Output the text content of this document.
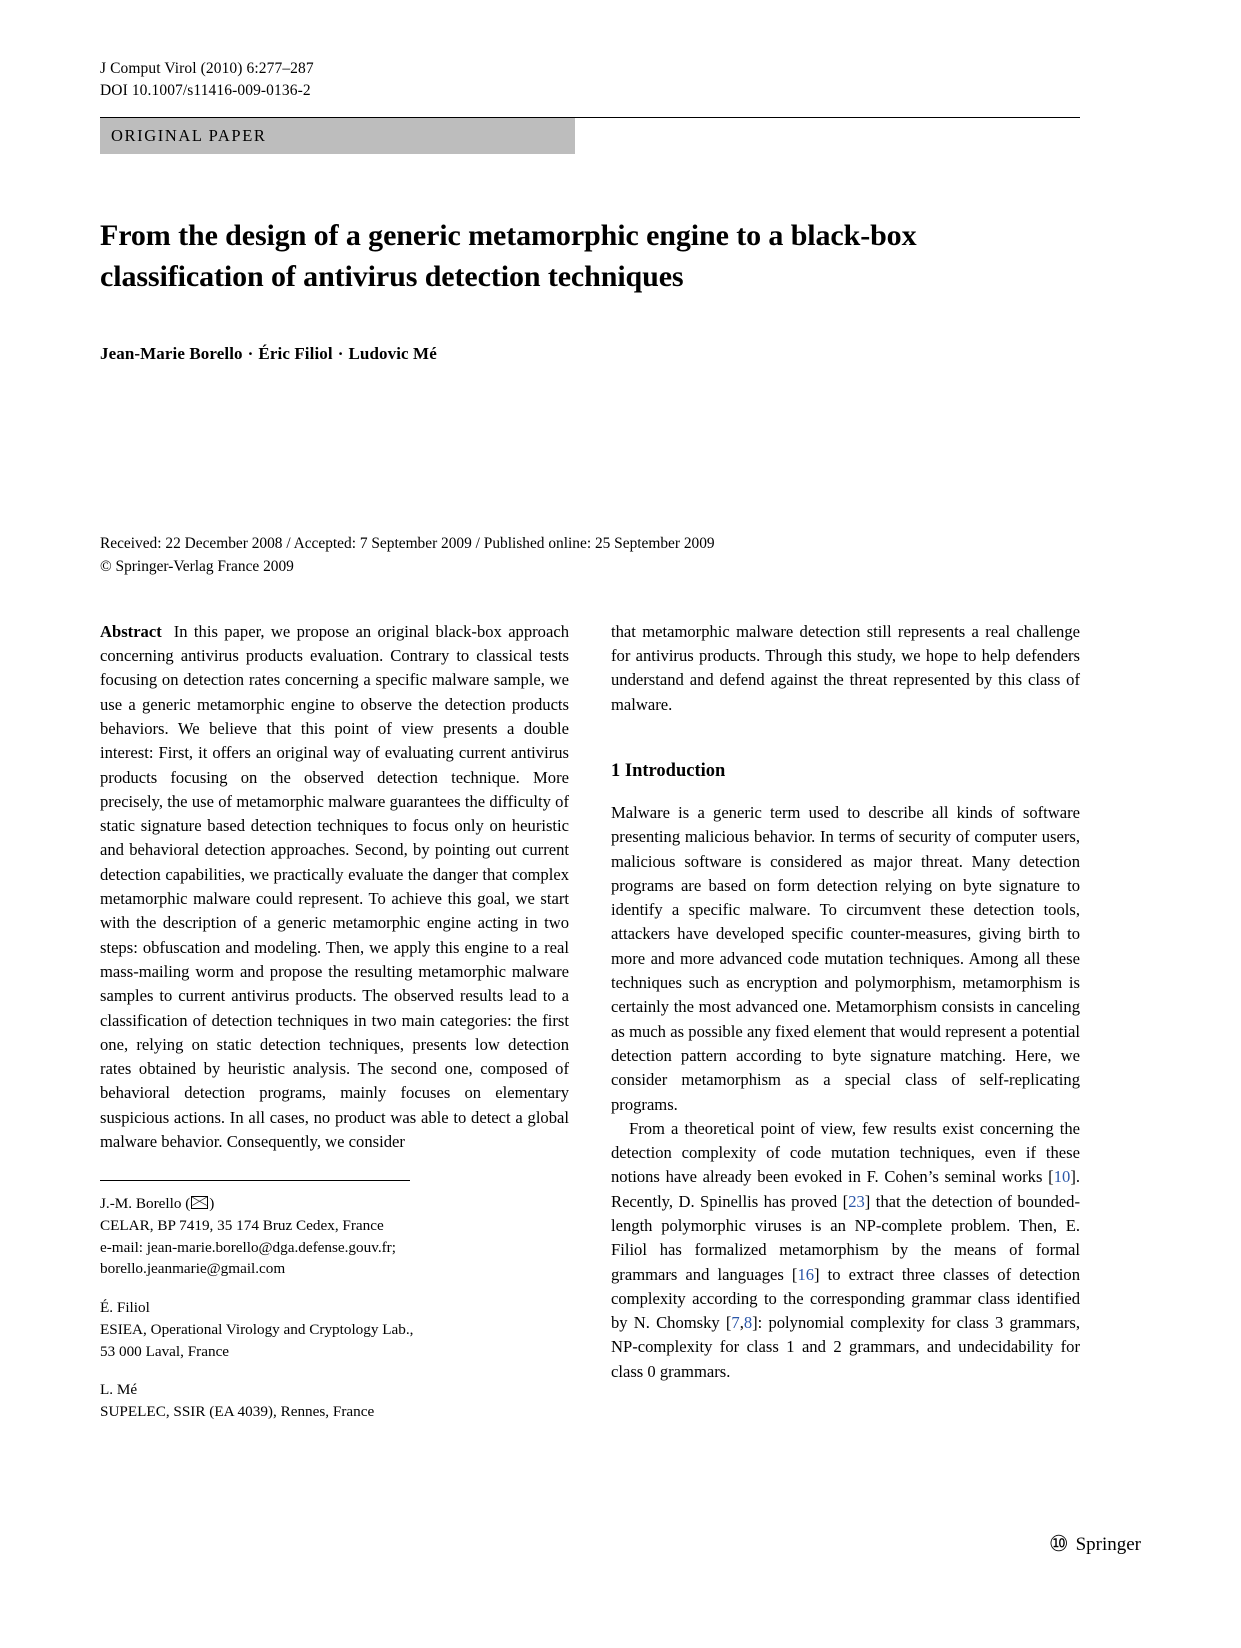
J Comput Virol (2010) 6:277–287
DOI 10.1007/s11416-009-0136-2
ORIGINAL PAPER
From the design of a generic metamorphic engine to a black-box classification of antivirus detection techniques
Jean-Marie Borello · Éric Filiol · Ludovic Mé
Received: 22 December 2008 / Accepted: 7 September 2009 / Published online: 25 September 2009
© Springer-Verlag France 2009

Abstract In this paper, we propose an original black-box approach concerning antivirus products evaluation. Contrary to classical tests focusing on detection rates concerning a specific malware sample, we use a generic metamorphic engine to observe the detection products behaviors. We believe that this point of view presents a double interest: First, it offers an original way of evaluating current antivirus products focusing on the observed detection technique. More precisely, the use of metamorphic malware guarantees the difficulty of static signature based detection techniques to focus only on heuristic and behavioral detection approaches. Second, by pointing out current detection capabilities, we practically evaluate the danger that complex metamorphic malware could represent. To achieve this goal, we start with the description of a generic metamorphic engine acting in two steps: obfuscation and modeling. Then, we apply this engine to a real mass-mailing worm and propose the resulting metamorphic malware samples to current antivirus products. The observed results lead to a classification of detection techniques in two main categories: the first one, relying on static detection techniques, presents low detection rates obtained by heuristic analysis. The second one, composed of behavioral detection programs, mainly focuses on elementary suspicious actions. In all cases, no product was able to detect a global malware behavior. Consequently, we consider

J.-M. Borello ( )
CELAR, BP 7419, 35 174 Bruz Cedex, France
e-mail: jean-marie.borello@dga.defense.gouv.fr;
borello.jeanmarie@gmail.com
É. Filiol
ESIEA, Operational Virology and Cryptology Lab.,
53 000 Laval, France
L. Mé
SUPELEC, SSIR (EA 4039), Rennes, France

that metamorphic malware detection still represents a real challenge for antivirus products. Through this study, we hope to help defenders understand and defend against the threat represented by this class of malware.

1 Introduction

Malware is a generic term used to describe all kinds of software presenting malicious behavior. In terms of security of computer users, malicious software is considered as major threat. Many detection programs are based on form detection relying on byte signature to identify a specific malware. To circumvent these detection tools, attackers have developed specific counter-measures, giving birth to more and more advanced code mutation techniques. Among all these techniques such as encryption and polymorphism, metamorphism is certainly the most advanced one. Metamorphism consists in canceling as much as possible any fixed element that would represent a potential detection pattern according to byte signature matching. Here, we consider metamorphism as a special class of self-replicating programs.

From a theoretical point of view, few results exist concerning the detection complexity of code mutation techniques, even if these notions have already been evoked in F. Cohen’s seminal works [10]. Recently, D. Spinellis has proved [23] that the detection of bounded-length polymorphic viruses is an NP-complete problem. Then, E. Filiol has formalized metamorphism by the means of formal grammars and languages [16] to extract three classes of detection complexity according to the corresponding grammar class identified by N. Chomsky [7,8]: polynomial complexity for class 3 grammars, NP-complexity for class 1 and 2 grammars, and undecidability for class 0 grammars.

⑩ Springer
